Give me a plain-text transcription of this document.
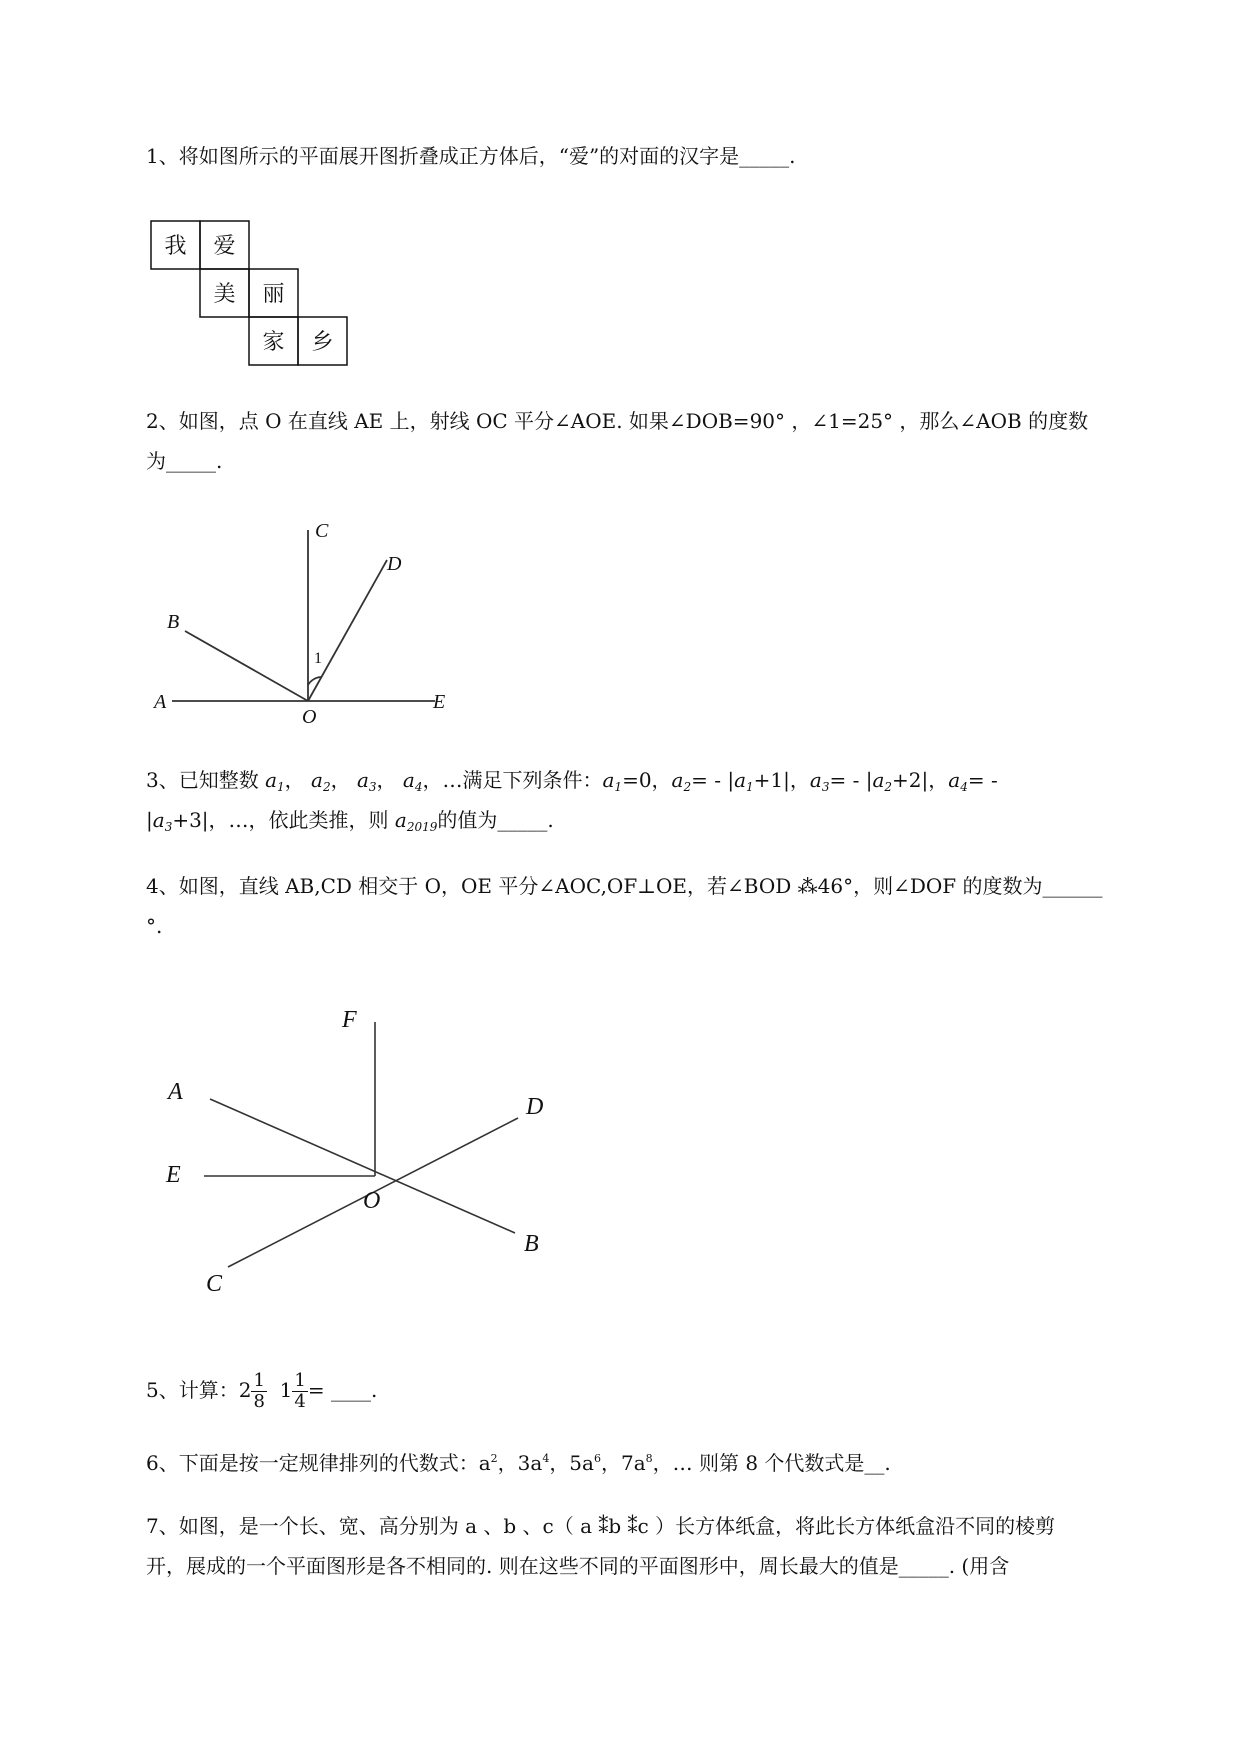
1、将如图所示的平面展开图折叠成正方体后，“爱”的对面的汉字是_____.
我 爱
美 丽
家 乡
2、如图，点 O 在直线 AE 上，射线 OC 平分∠AOE. 如果∠DOB=90° ，∠1=25° ，那么∠AOB 的度数
为_____.
A
B
C
D
E
O
1
3、已知整数 $a_1$， $a_2$， $a_3$， $a_4$，…满足下列条件：$a_1=0$，$a_2= - |a_1+1|$，$a_3= - |a_2+2|$，$a_4=$ -
$|a_3+3|$，…，依此类推，则 $a_{2019}$的值为_____.
4、如图，直线 AB,CD 相交于 O，OE 平分∠AOC,OF⊥OE，若∠BOD ⁂46°，则∠DOF 的度数为______
°.
A
B
C
D
E
F
O
5、计算：$2 \frac{1}{8} 1 \frac{1}{4}$ = ____.
6、下面是按一定规律排列的代数式：$a^2$，$3a^4$，$5a^6$，$7a^8$，… 则第 8 个代数式是__.
7、如图，是一个长、宽、高分别为 a 、b 、c（ a ⁑b ⁑c ）长方体纸盒，将此长方体纸盒沿不同的棱剪
开，展成的一个平面图形是各不相同的. 则在这些不同的平面图形中，周长最大的值是_____. (用含
